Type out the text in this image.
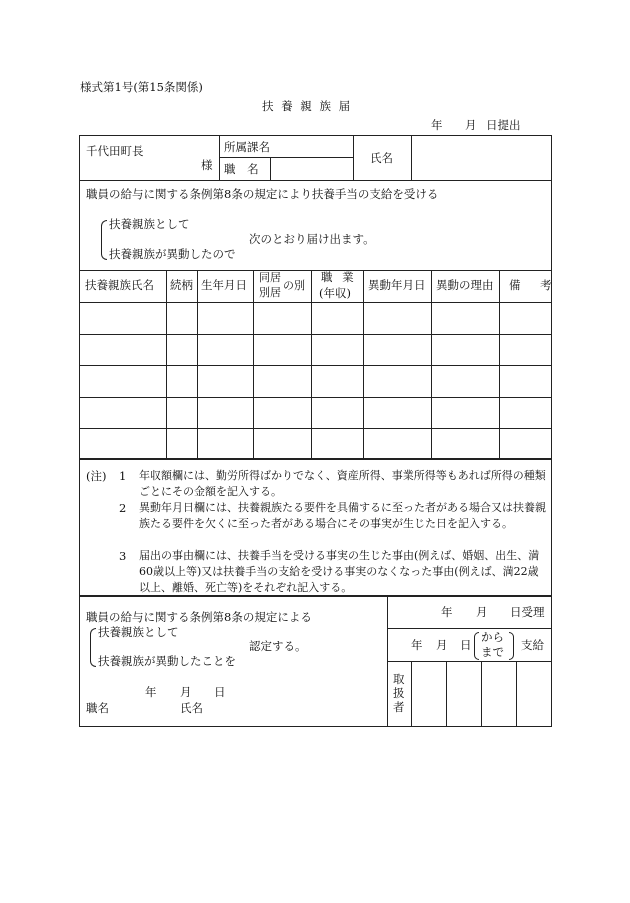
様式第1号(第15条関係)
扶 養 親 族 届
年 月 日提出
千代田町長
様
所属課名
職 名
氏名
職員の給与に関する条例第8条の規定により扶養手当の支給を受ける
扶養親族として
扶養親族が異動したので
次のとおり届け出ます。
扶養親族氏名 続柄 生年月日
同居
別居
の別
職 業
(年収)
異動年月日 異動の理由 備 考
(注) 1 年収額欄には、勤労所得ばかりでなく、資産所得、事業所得等もあれば所得の種類ごとにその金額を記入する。
2 異動年月日欄には、扶養親族たる要件を具備するに至った者がある場合又は扶養親族たる要件を欠くに至った者がある場合にその事実が生じた日を記入する。
3 届出の事由欄には、扶養手当を受ける事実の生じた事由(例えば、婚姻、出生、満60歳以上等)又は扶養手当の支給を受ける事実のなくなった事由(例えば、満22歳以上、離婚、死亡等)をそれぞれ記入する。
職員の給与に関する条例第8条の規定による
扶養親族として
扶養親族が異動したことを
認定する。
年 月 日
職名	氏名
年 月 日受理
年 月 日
から
まで 支給
取扱者
